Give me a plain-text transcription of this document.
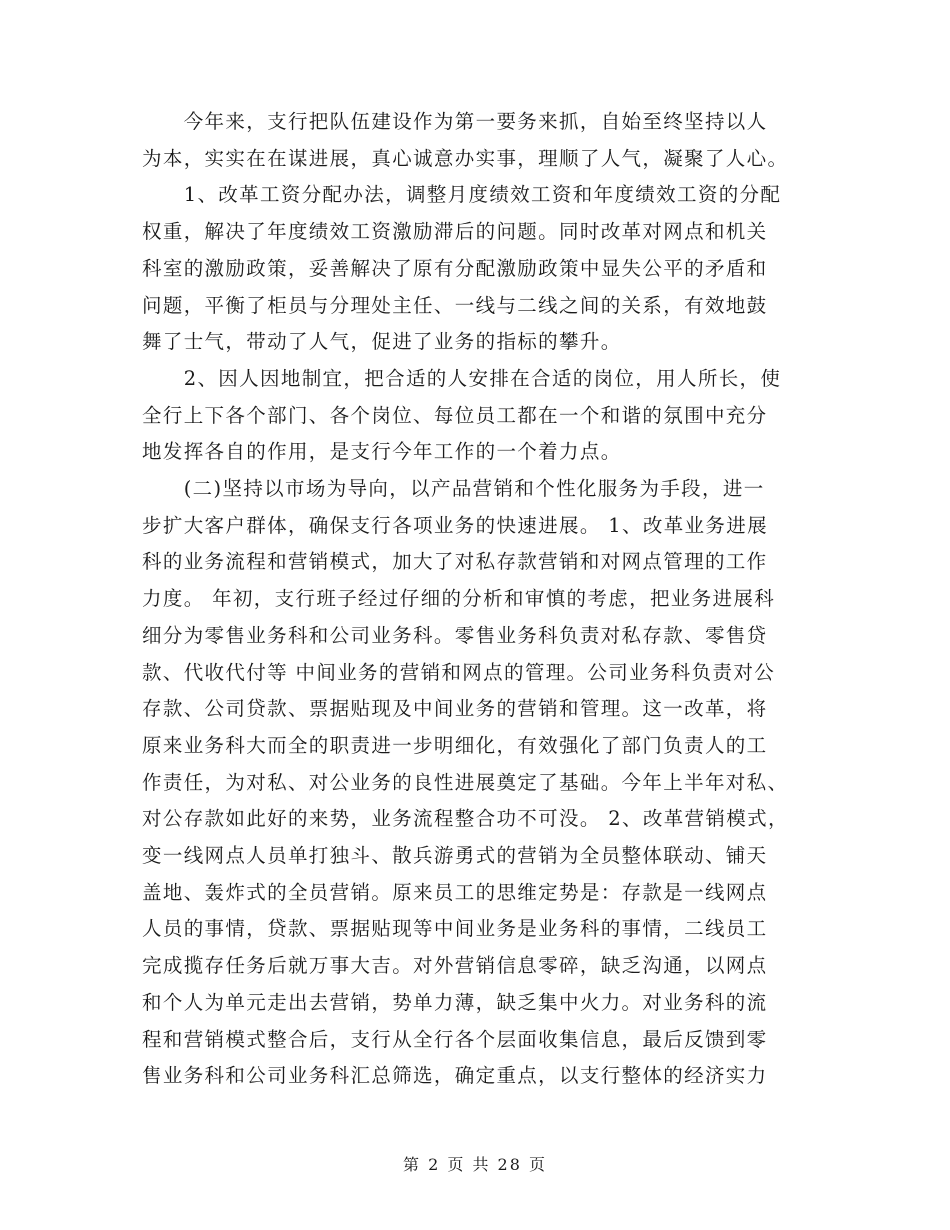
　　今年来，支行把队伍建设作为第一要务来抓，自始至终坚持以人
为本，实实在在谋进展，真心诚意办实事，理顺了人气，凝聚了人心。
　　1、改革工资分配办法，调整月度绩效工资和年度绩效工资的分配
权重，解决了年度绩效工资激励滞后的问题。同时改革对网点和机关
科室的激励政策，妥善解决了原有分配激励政策中显失公平的矛盾和
问题，平衡了柜员与分理处主任、一线与二线之间的关系，有效地鼓
舞了士气，带动了人气，促进了业务的指标的攀升。
　　2、因人因地制宜，把合适的人安排在合适的岗位，用人所长，使
全行上下各个部门、各个岗位、每位员工都在一个和谐的氛围中充分
地发挥各自的作用，是支行今年工作的一个着力点。
　　(二)坚持以市场为导向，以产品营销和个性化服务为手段，进一
步扩大客户群体，确保支行各项业务的快速进展。 1、改革业务进展
科的业务流程和营销模式，加大了对私存款营销和对网点管理的工作
力度。 年初，支行班子经过仔细的分析和审慎的考虑，把业务进展科
细分为零售业务科和公司业务科。零售业务科负责对私存款、零售贷
款、代收代付等 中间业务的营销和网点的管理。公司业务科负责对公
存款、公司贷款、票据贴现及中间业务的营销和管理。这一改革，将
原来业务科大而全的职责进一步明细化，有效强化了部门负责人的工
作责任，为对私、对公业务的良性进展奠定了基础。今年上半年对私、
对公存款如此好的来势，业务流程整合功不可没。 2、改革营销模式，
变一线网点人员单打独斗、散兵游勇式的营销为全员整体联动、铺天
盖地、轰炸式的全员营销。原来员工的思维定势是：存款是一线网点
人员的事情，贷款、票据贴现等中间业务是业务科的事情，二线员工
完成揽存任务后就万事大吉。对外营销信息零碎，缺乏沟通，以网点
和个人为单元走出去营销，势单力薄，缺乏集中火力。对业务科的流
程和营销模式整合后，支行从全行各个层面收集信息，最后反馈到零
售业务科和公司业务科汇总筛选，确定重点，以支行整体的经济实力
第 2 页 共 28 页
